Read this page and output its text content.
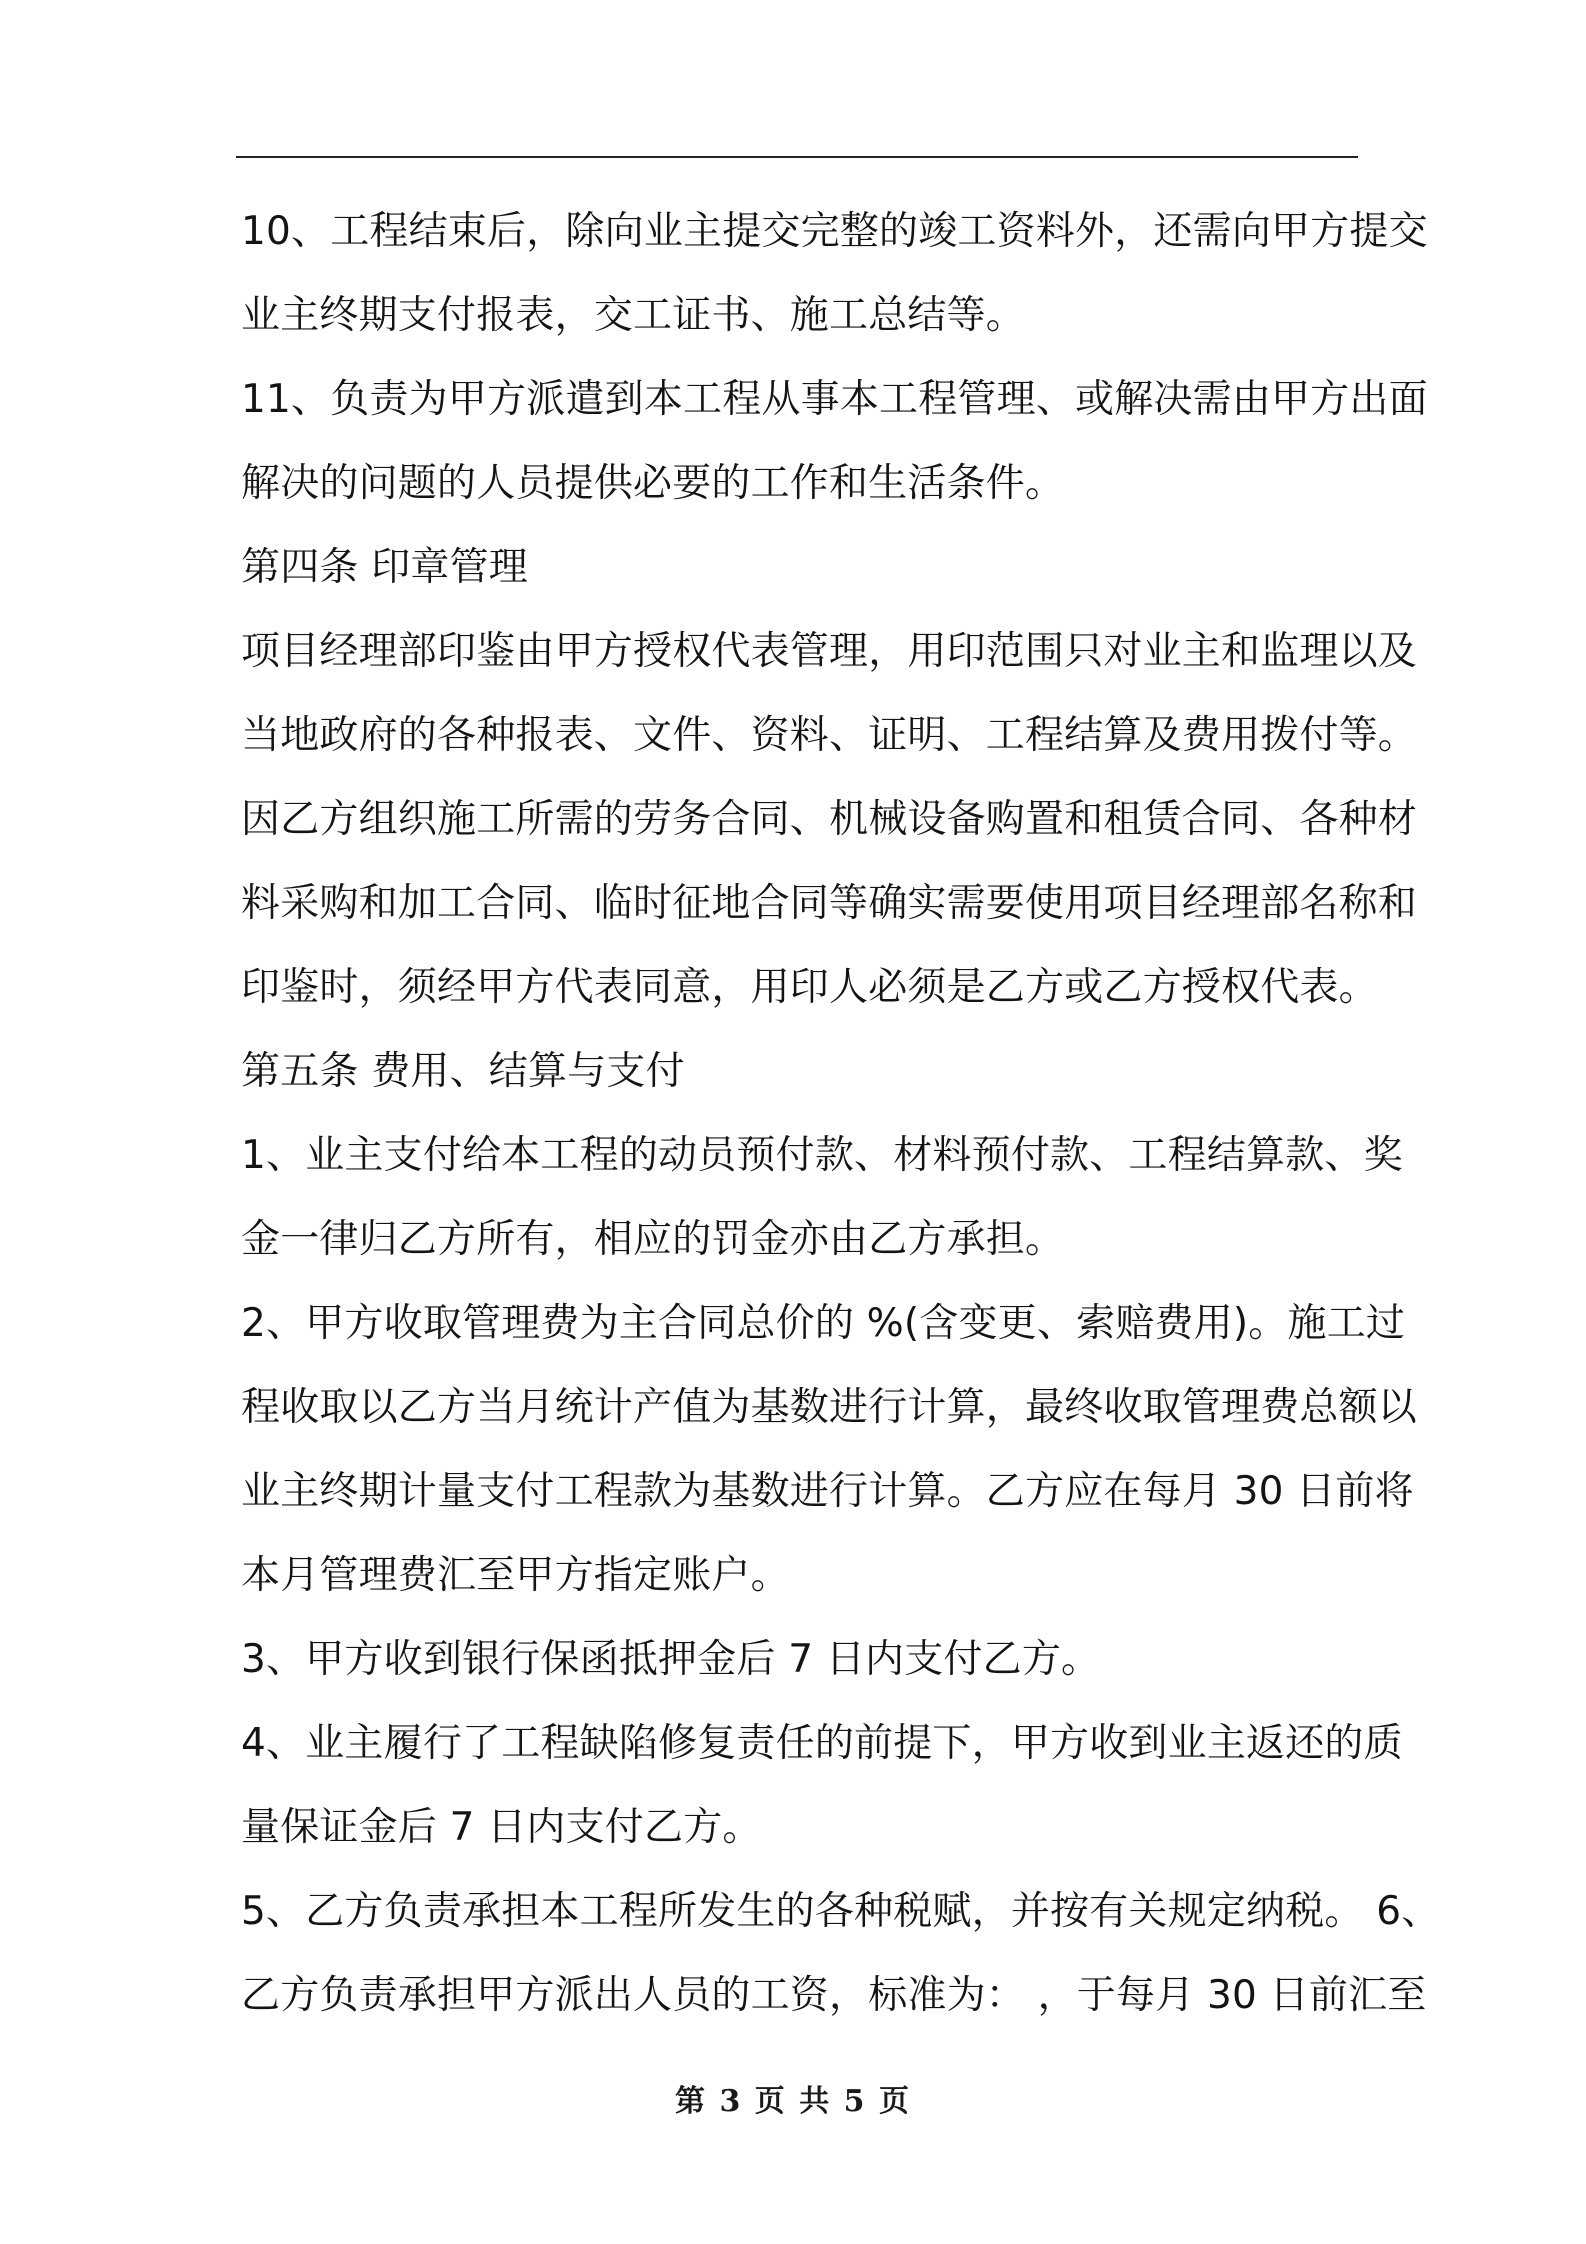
10、工程结束后，除向业主提交完整的竣工资料外，还需向甲方提交
业主终期支付报表，交工证书、施工总结等。
11、负责为甲方派遣到本工程从事本工程管理、或解决需由甲方出面
解决的问题的人员提供必要的工作和生活条件。
第四条 印章管理
项目经理部印鉴由甲方授权代表管理，用印范围只对业主和监理以及
当地政府的各种报表、文件、资料、证明、工程结算及费用拨付等。
因乙方组织施工所需的劳务合同、机械设备购置和租赁合同、各种材
料采购和加工合同、临时征地合同等确实需要使用项目经理部名称和
印鉴时，须经甲方代表同意，用印人必须是乙方或乙方授权代表。
第五条 费用、结算与支付
1、业主支付给本工程的动员预付款、材料预付款、工程结算款、奖
金一律归乙方所有，相应的罚金亦由乙方承担。
2、甲方收取管理费为主合同总价的 %(含变更、索赔费用)。施工过
程收取以乙方当月统计产值为基数进行计算，最终收取管理费总额以
业主终期计量支付工程款为基数进行计算。乙方应在每月 30 日前将
本月管理费汇至甲方指定账户。
3、甲方收到银行保函抵押金后 7 日内支付乙方。
4、业主履行了工程缺陷修复责任的前提下，甲方收到业主返还的质
量保证金后 7 日内支付乙方。
5、乙方负责承担本工程所发生的各种税赋，并按有关规定纳税。 6、
乙方负责承担甲方派出人员的工资，标准为： ，于每月 30 日前汇至
第 3 页 共 5 页
